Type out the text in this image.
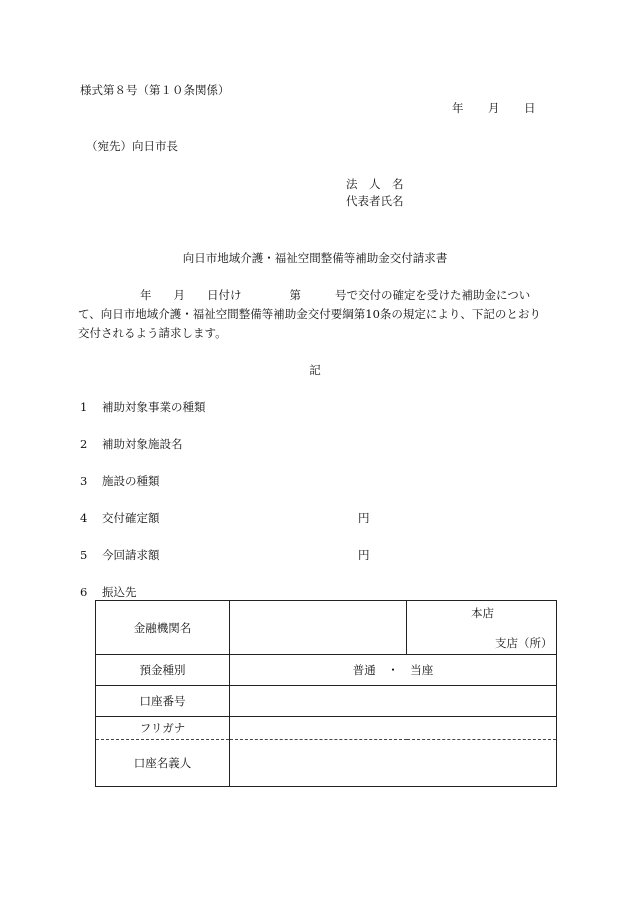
様式第８号（第１０条関係）
年 月 日
（宛先）向日市長
法　人　名
代表者氏名
向日市地域介護・福祉空間整備等補助金交付請求書
年 月 日付け	第	号で交付の確定を受けた補助金につい
て、向日市地域介護・福祉空間整備等補助金交付要綱第10条の規定により、下記のとおり
交付されるよう請求します。
記
1 補助対象事業の種類
2 補助対象施設名
3 施設の種類
4 交付確定額	円
5 今回請求額	円
6 振込先
金融機関名		本店
支店（所）

預金種別	普通　・　当座	
口座番号		
フリガナ		
口座名義人		
